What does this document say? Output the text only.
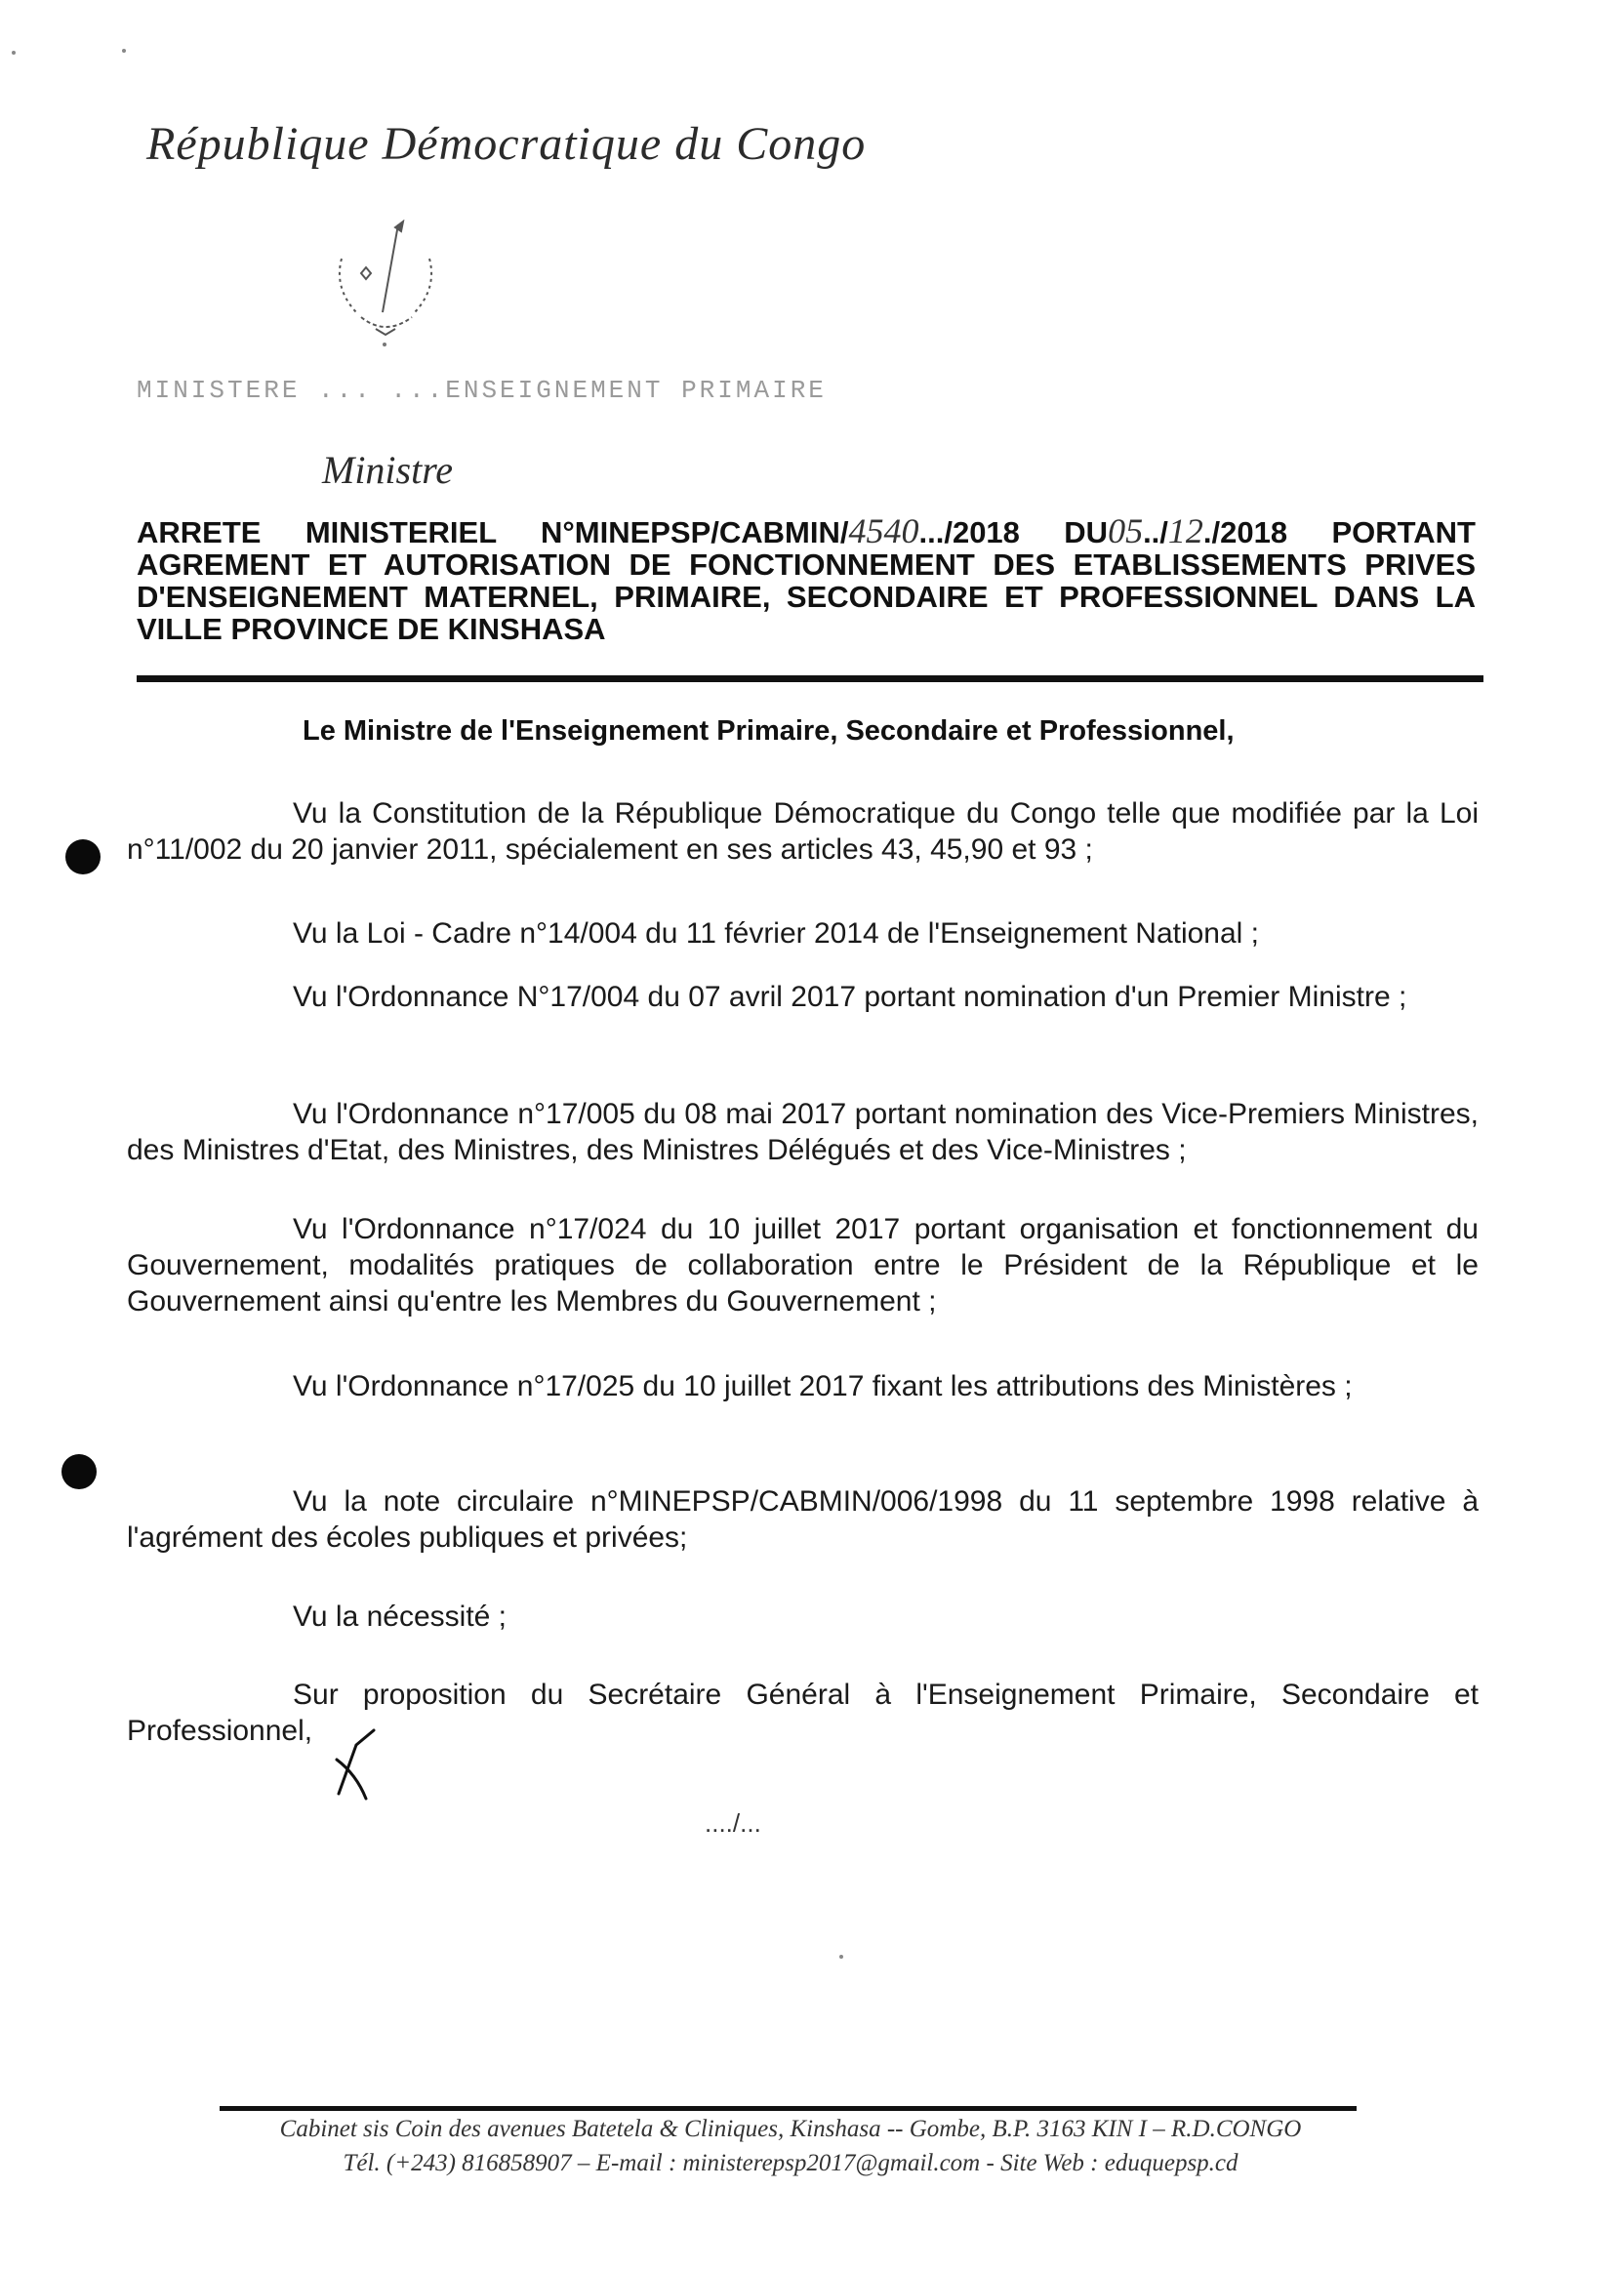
République Démocratique du Congo
MINISTERE ... ...ENSEIGNEMENT PRIMAIRE
Ministre
ARRETE MINISTERIEL N°MINEPSP/CABMIN/4540.../2018 DU05../12./2018 PORTANT AGREMENT ET AUTORISATION DE FONCTIONNEMENT DES ETABLISSEMENTS PRIVES D'ENSEIGNEMENT MATERNEL, PRIMAIRE, SECONDAIRE ET PROFESSIONNEL DANS LA VILLE PROVINCE DE KINSHASA
Le Ministre de l'Enseignement Primaire, Secondaire et Professionnel,
Vu la Constitution de la République Démocratique du Congo telle que modifiée par la Loi n°11/002 du 20 janvier 2011, spécialement en ses articles 43, 45,90 et 93 ;
Vu la Loi - Cadre n°14/004 du 11 février 2014 de l'Enseignement National ;
Vu l'Ordonnance N°17/004 du 07 avril 2017 portant nomination d'un Premier Ministre ;
Vu l'Ordonnance n°17/005 du 08 mai 2017 portant nomination des Vice-Premiers Ministres, des Ministres d'Etat, des Ministres, des Ministres Délégués et des Vice-Ministres ;
Vu l'Ordonnance n°17/024 du 10 juillet 2017 portant organisation et fonctionnement du Gouvernement, modalités pratiques de collaboration entre le Président de la République et le Gouvernement ainsi qu'entre les Membres du Gouvernement ;
Vu l'Ordonnance n°17/025 du 10 juillet 2017 fixant les attributions des Ministères ;
Vu la note circulaire n°MINEPSP/CABMIN/006/1998 du 11 septembre 1998 relative à l'agrément des écoles publiques et privées;
Vu la nécessité ;
Sur proposition du Secrétaire Général à l'Enseignement Primaire, Secondaire et Professionnel,
..../...
Cabinet sis Coin des avenues Batetela & Cliniques, Kinshasa -- Gombe, B.P. 3163 KIN I – R.D.CONGO
Tél. (+243) 816858907 – E-mail : ministerepsp2017@gmail.com - Site Web : eduquepsp.cd
